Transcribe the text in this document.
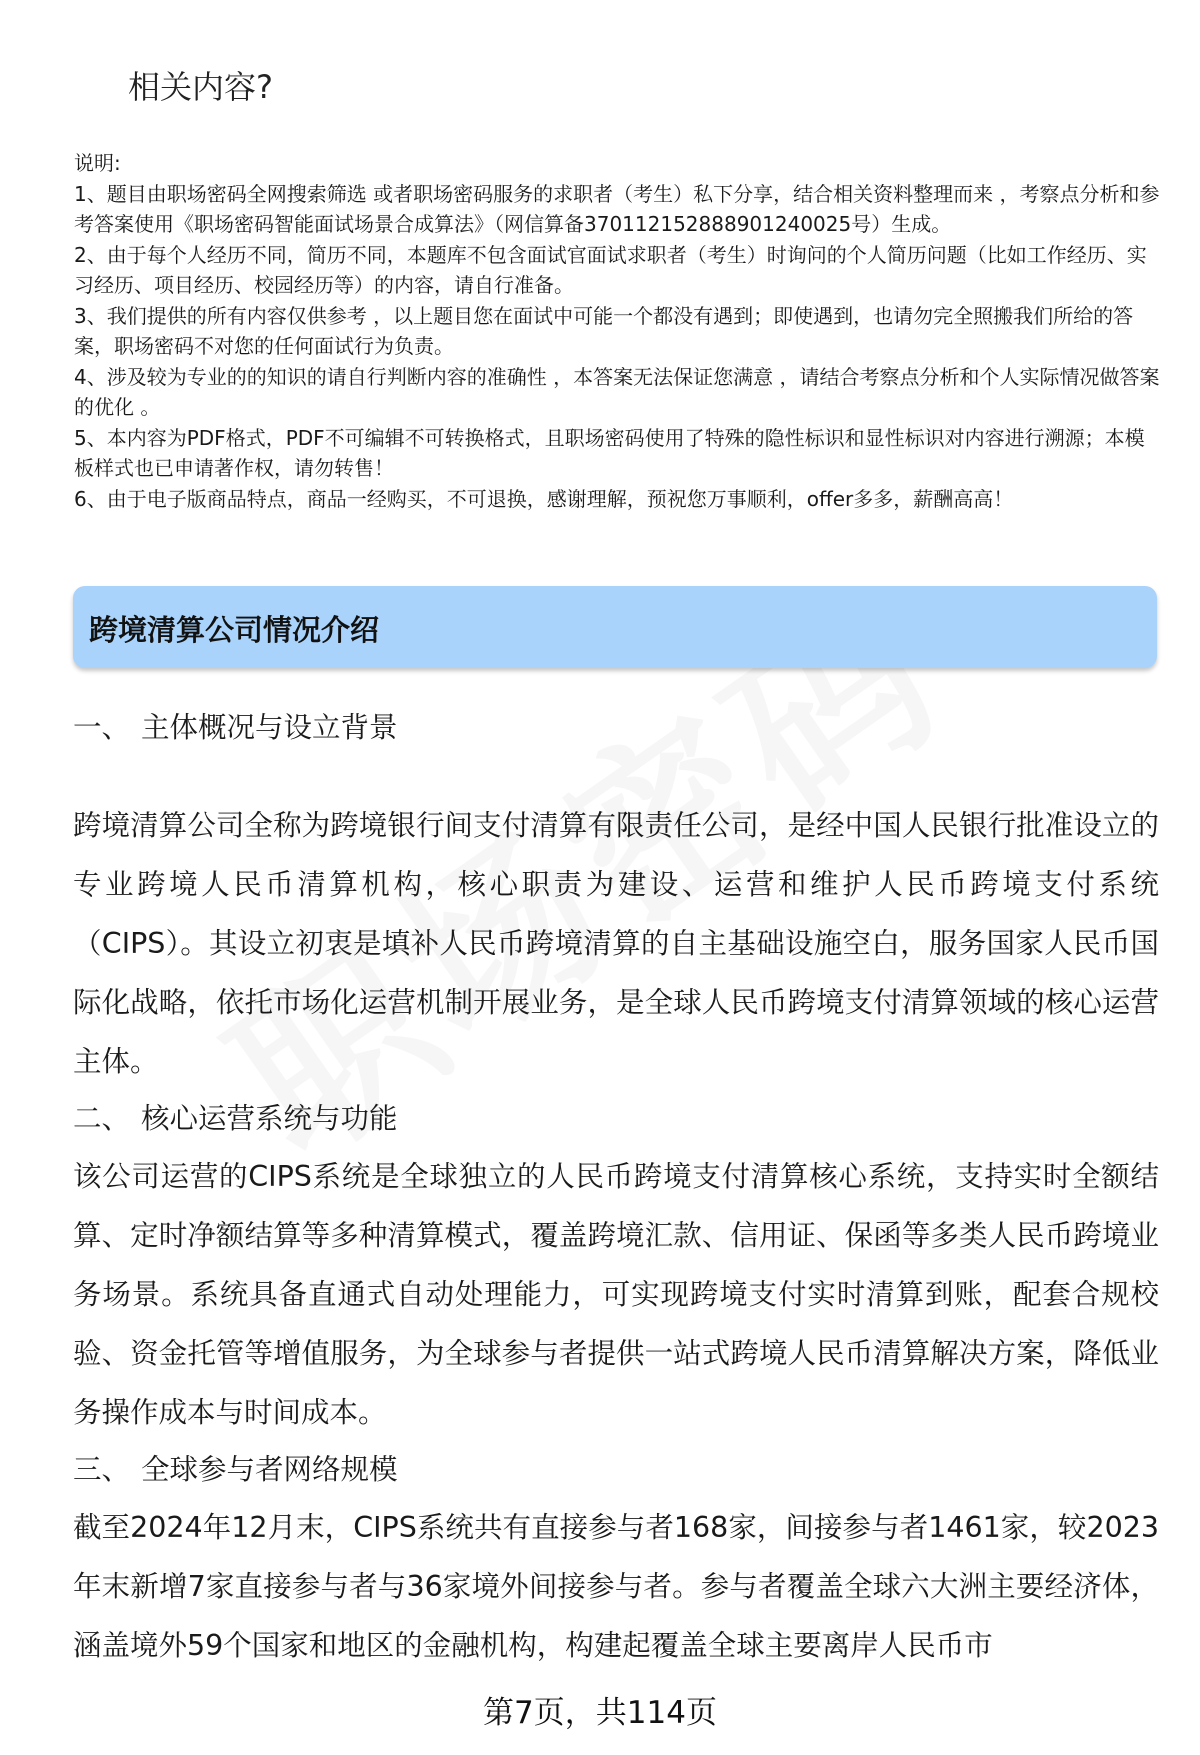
相关内容?

说明:

1、题目由职场密码全网搜索筛选 或者职场密码服务的求职者（考生）私下分享，结合相关资料整理而来 ，考察点分析和参考答案使用《职场密码智能面试场景合成算法》（网信算备370112152888901240025号）生成。

2、由于每个人经历不同，简历不同，本题库不包含面试官面试求职者（考生）时询问的个人简历问题（比如工作经历、实习经历、项目经历、校园经历等）的内容，请自行准备。

3、我们提供的所有内容仅供参考 ，以上题目您在面试中可能一个都没有遇到；即使遇到，也请勿完全照搬我们所给的答案，职场密码不对您的任何面试行为负责。

4、涉及较为专业的的知识的请自行判断内容的准确性 ，本答案无法保证您满意 ，请结合考察点分析和个人实际情况做答案的优化 。

5、本内容为PDF格式，PDF不可编辑不可转换格式，且职场密码使用了特殊的隐性标识和显性标识对内容进行溯源；本模板样式也已申请著作权，请勿转售！

6、由于电子版商品特点，商品一经购买，不可退换，感谢理解，预祝您万事顺利，offer多多，薪酬高高！

跨境清算公司情况介绍
一、 主体概况与设立背景

跨境清算公司全称为跨境银行间支付清算有限责任公司，是经中国人民银行批准设立的专业跨境人民币清算机构，核心职责为建设、运营和维护人民币跨境支付系统（CIPS）。其设立初衷是填补人民币跨境清算的自主基础设施空白，服务国家人民币国际化战略，依托市场化运营机制开展业务，是全球人民币跨境支付清算领域的核心运营主体。

二、 核心运营系统与功能

该公司运营的CIPS系统是全球独立的人民币跨境支付清算核心系统，支持实时全额结算、定时净额结算等多种清算模式，覆盖跨境汇款、信用证、保函等多类人民币跨境业务场景。系统具备直通式自动处理能力，可实现跨境支付实时清算到账，配套合规校验、资金托管等增值服务，为全球参与者提供一站式跨境人民币清算解决方案，降低业务操作成本与时间成本。

三、 全球参与者网络规模

截至2024年12月末，CIPS系统共有直接参与者168家，间接参与者1461家，较2023年末新增7家直接参与者与36家境外间接参与者。参与者覆盖全球六大洲主要经济体，涵盖境外59个国家和地区的金融机构，构建起覆盖全球主要离岸人民币市

第7页，共114页
